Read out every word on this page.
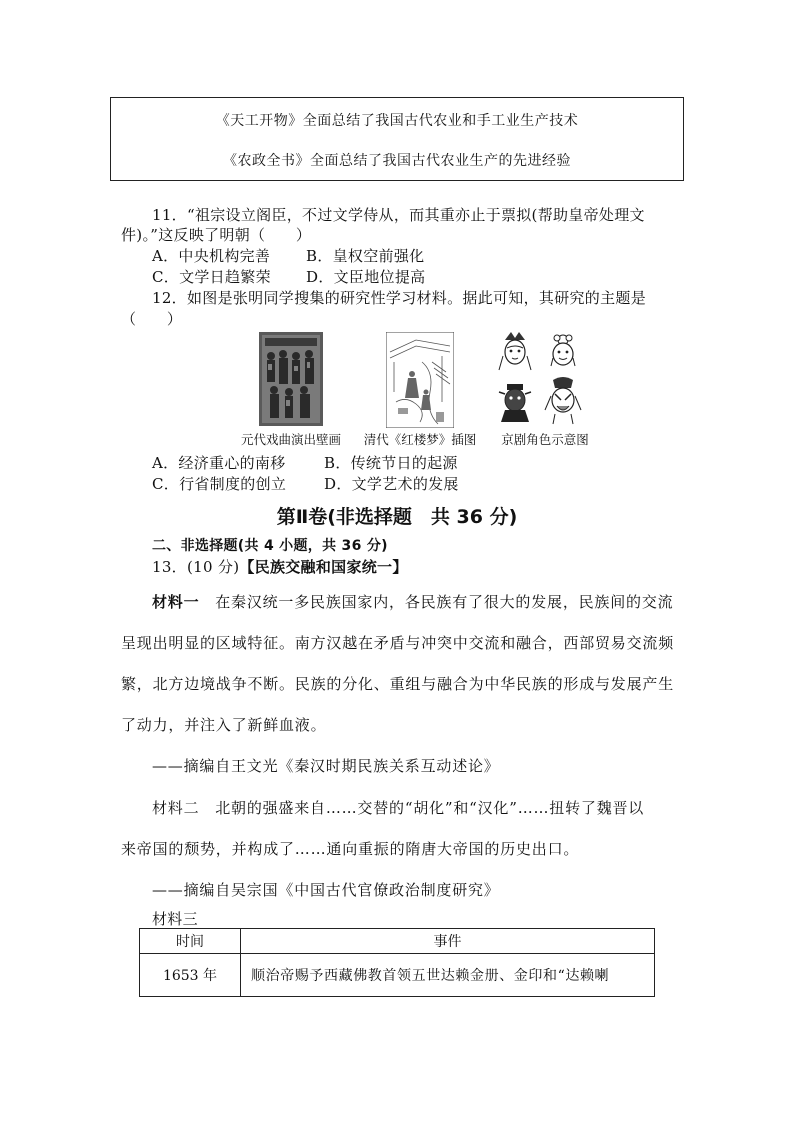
《天工开物》全面总结了我国古代农业和手工业生产技术
《农政全书》全面总结了我国古代农业生产的先进经验
11．“祖宗设立阁臣，不过文学侍从，而其重亦止于票拟(帮助皇帝处理文
件)。”这反映了明朝（　　）
A．中央机构完善 B．皇权空前强化
C．文学日趋繁荣 D．文臣地位提高
12．如图是张明同学搜集的研究性学习材料。据此可知，其研究的主题是
（　　）
元代戏曲演出壁画	清代《红楼梦》插图	京剧角色示意图
A．经济重心的南移	B．传统节日的起源
C．行省制度的创立	D．文学艺术的发展
第Ⅱ卷(非选择题　共 36 分)
二、非选择题(共 4 小题，共 36 分)
13．(10 分)【民族交融和国家统一】
材料一　 在秦汉统一多民族国家内，各民族有了很大的发展，民族间的交流
呈现出明显的区域特征。南方汉越在矛盾与冲突中交流和融合，西部贸易交流频
繁，北方边境战争不断。民族的分化、重组与融合为中华民族的形成与发展产生
了动力，并注入了新鲜血液。
——摘编自王文光《秦汉时期民族关系互动述论》
材料二　 北朝的强盛来自……交替的“胡化”和“汉化”……扭转了魏晋以
来帝国的颓势，并构成了……通向重振的隋唐大帝国的历史出口。
——摘编自吴宗国《中国古代官僚政治制度研究》
材料三
时间	事件
1653 年	顺治帝赐予西藏佛教首领五世达赖金册、金印和“达赖喇
